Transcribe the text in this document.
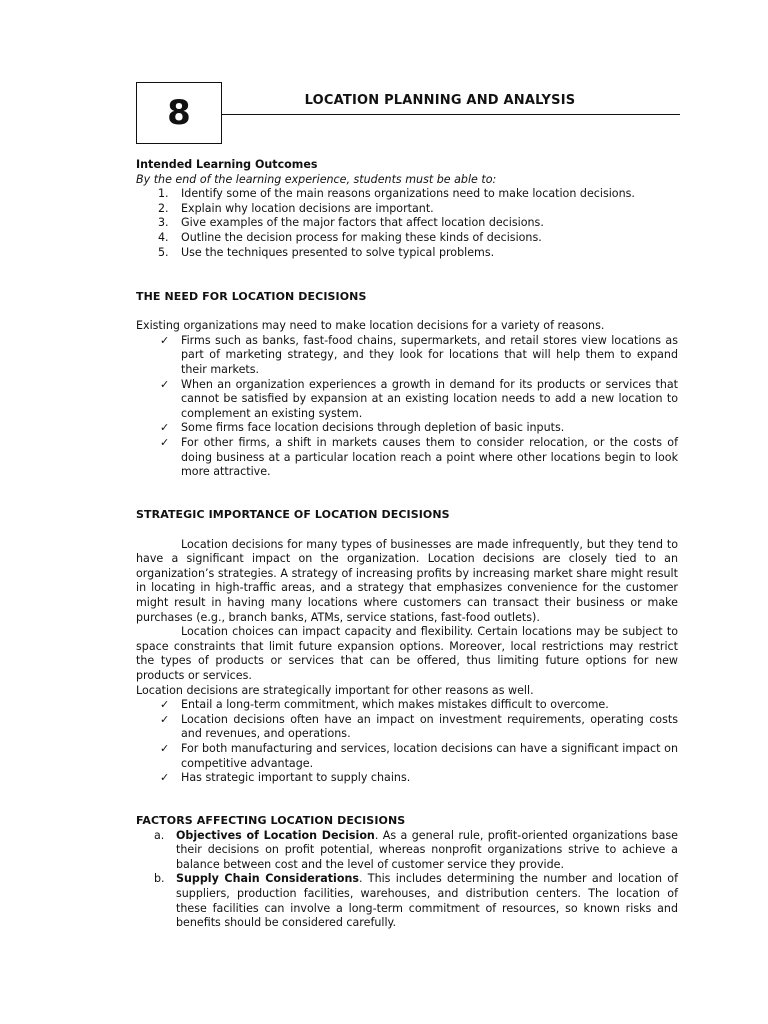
8	LOCATION PLANNING AND ANALYSIS
Intended Learning Outcomes
By the end of the learning experience, students must be able to:
1. Identify some of the main reasons organizations need to make location decisions.
2. Explain why location decisions are important.
3. Give examples of the major factors that affect location decisions.
4. Outline the decision process for making these kinds of decisions.
5. Use the techniques presented to solve typical problems.
THE NEED FOR LOCATION DECISIONS
Existing organizations may need to make location decisions for a variety of reasons.
✓ Firms such as banks, fast-food chains, supermarkets, and retail stores view locations as part of marketing strategy, and they look for locations that will help them to expand their markets.
✓ When an organization experiences a growth in demand for its products or services that cannot be satisfied by expansion at an existing location needs to add a new location to complement an existing system.
✓ Some firms face location decisions through depletion of basic inputs.
✓ For other firms, a shift in markets causes them to consider relocation, or the costs of doing business at a particular location reach a point where other locations begin to look more attractive.
STRATEGIC IMPORTANCE OF LOCATION DECISIONS
Location decisions for many types of businesses are made infrequently, but they tend to have a significant impact on the organization. Location decisions are closely tied to an organization’s strategies. A strategy of increasing profits by increasing market share might result in locating in high-traffic areas, and a strategy that emphasizes convenience for the customer might result in having many locations where customers can transact their business or make purchases (e.g., branch banks, ATMs, service stations, fast-food outlets).
Location choices can impact capacity and flexibility. Certain locations may be subject to space constraints that limit future expansion options. Moreover, local restrictions may restrict the types of products or services that can be offered, thus limiting future options for new products or services.
Location decisions are strategically important for other reasons as well.
✓ Entail a long-term commitment, which makes mistakes difficult to overcome.
✓ Location decisions often have an impact on investment requirements, operating costs and revenues, and operations.
✓ For both manufacturing and services, location decisions can have a significant impact on competitive advantage.
✓ Has strategic important to supply chains.
FACTORS AFFECTING LOCATION DECISIONS
a. Objectives of Location Decision. As a general rule, profit-oriented organizations base their decisions on profit potential, whereas nonprofit organizations strive to achieve a balance between cost and the level of customer service they provide.
b. Supply Chain Considerations. This includes determining the number and location of suppliers, production facilities, warehouses, and distribution centers. The location of these facilities can involve a long-term commitment of resources, so known risks and benefits should be considered carefully.
